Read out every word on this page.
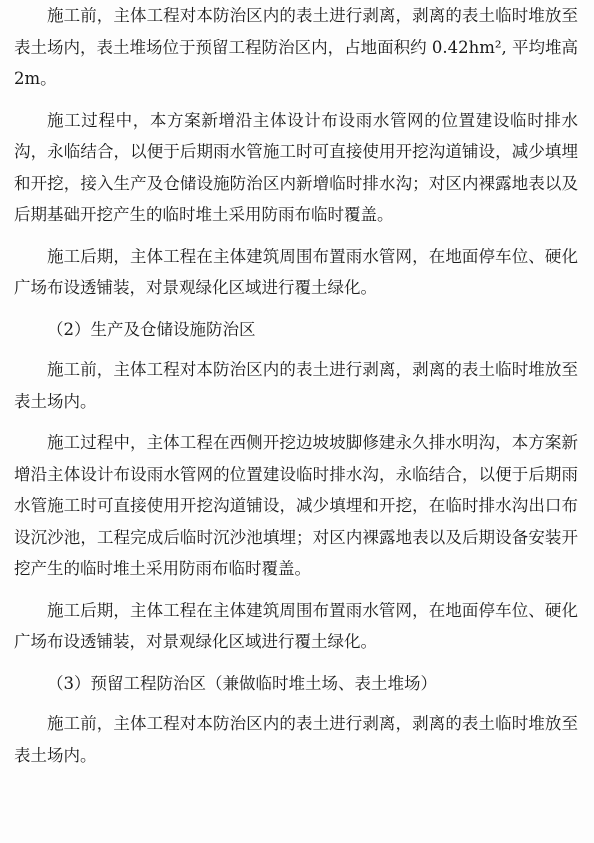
施工前，主体工程对本防治区内的表土进行剥离，剥离的表土临时堆放至表土场内，表土堆场位于预留工程防治区内，占地面积约 0.42hm², 平均堆高 2m。

施工过程中，本方案新增沿主体设计布设雨水管网的位置建设临时排水沟，永临结合，以便于后期雨水管施工时可直接使用开挖沟道铺设，减少填埋和开挖，接入生产及仓储设施防治区内新增临时排水沟；对区内裸露地表以及后期基础开挖产生的临时堆土采用防雨布临时覆盖。

施工后期，主体工程在主体建筑周围布置雨水管网，在地面停车位、硬化广场布设透铺装，对景观绿化区域进行覆土绿化。

（2）生产及仓储设施防治区

施工前，主体工程对本防治区内的表土进行剥离，剥离的表土临时堆放至表土场内。

施工过程中，主体工程在西侧开挖边坡坡脚修建永久排水明沟，本方案新增沿主体设计布设雨水管网的位置建设临时排水沟，永临结合，以便于后期雨水管施工时可直接使用开挖沟道铺设，减少填埋和开挖，在临时排水沟出口布设沉沙池，工程完成后临时沉沙池填埋；对区内裸露地表以及后期设备安装开挖产生的临时堆土采用防雨布临时覆盖。

施工后期，主体工程在主体建筑周围布置雨水管网，在地面停车位、硬化广场布设透铺装，对景观绿化区域进行覆土绿化。

（3）预留工程防治区（兼做临时堆土场、表土堆场）

施工前，主体工程对本防治区内的表土进行剥离，剥离的表土临时堆放至表土场内。
